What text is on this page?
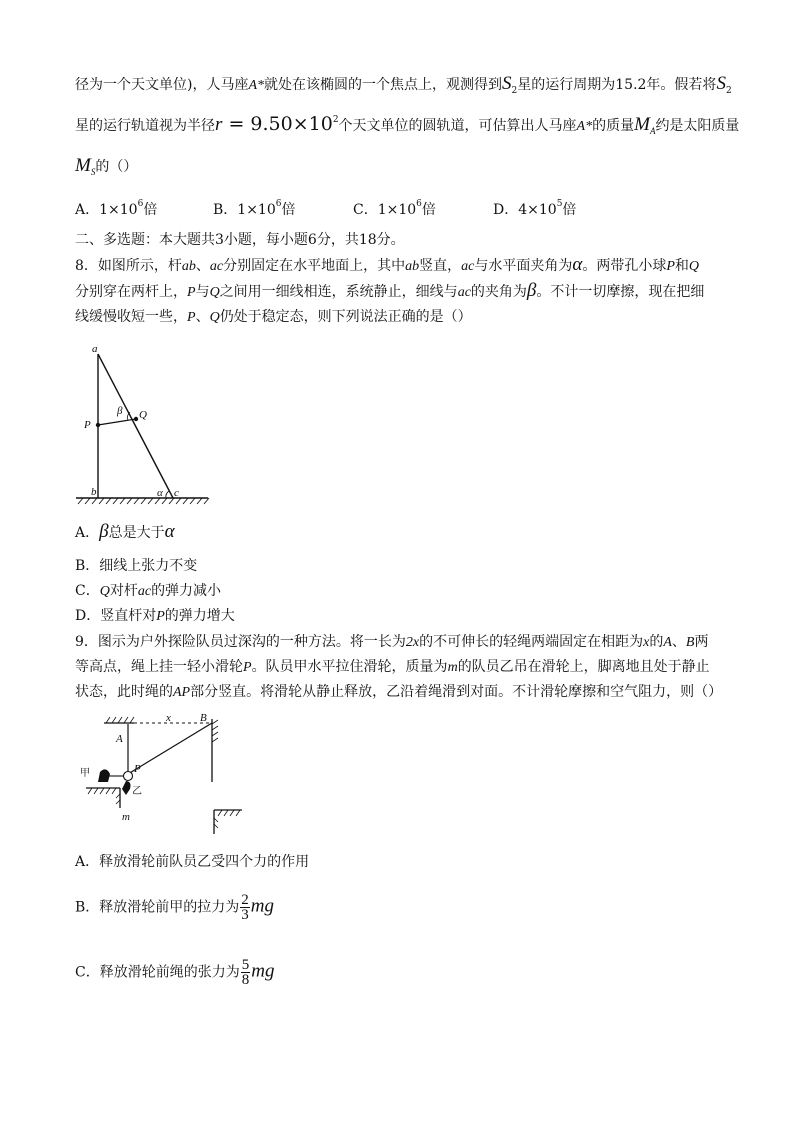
径为一个天文单位)，人马座A*就处在该椭圆的一个焦点上，观测得到$S_2$星的运行周期为15.2年。假若将$S_2$
星的运行轨道视为半径$r = 9.50\times 10^2$个天文单位的圆轨道，可估算出人马座A*的质量$M_A$约是太阳质量
$M_S$的（）
A．$1\times 10^6$倍	B．$1\times 10^6$倍	C．$1\times 10^6$倍	D．$4\times 10^5$倍
二、多选题：本大题共3小题，每小题6分，共18分。
8．如图所示，杆ab、ac分别固定在水平地面上，其中ab竖直，ac与水平面夹角为α。两带孔小球P和Q
分别穿在两杆上，P与Q之间用一细线相连，系统静止，细线与ac的夹角为β。不计一切摩擦，现在把细
线缓慢收短一些，P、Q仍处于稳定态，则下列说法正确的是（）
a
P
Q
β
b	α c
A．β总是大于α
B．细线上张力不变
C．Q对杆ac的弹力减小
D．竖直杆对P的弹力增大
9．图示为户外探险队员过深沟的一种方法。将一长为2x的不可伸长的轻绳两端固定在相距为x的A、B两
等高点，绳上挂一轻小滑轮P。队员甲水平拉住滑轮，质量为m的队员乙吊在滑轮上，脚离地且处于静止
状态，此时绳的AP部分竖直。将滑轮从静止释放，乙沿着绳滑到对面。不计滑轮摩擦和空气阻力，则（）
x
A
B
P
甲
乙
m
A．释放滑轮前队员乙受四个力的作用
B．释放滑轮前甲的拉力为 $\frac{2}{3}$ mg
C．释放滑轮前绳的张力为 $\frac{5}{8}$ mg
